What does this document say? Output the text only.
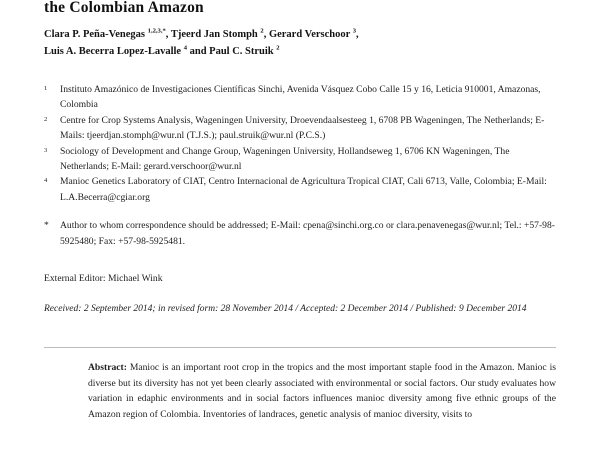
the Colombian Amazon
Clara P. Peña-Venegas $^{1,2,3,*}$, Tjeerd Jan Stomph $^2$, Gerard Verschoor $^3$,
Luis A. Becerra Lopez-Lavalle $^4$ and Paul C. Struik $^2$
1 Instituto Amazónico de Investigaciones Científicas Sinchi, Avenida Vásquez Cobo Calle 15 y 16, Leticia 910001, Amazonas, Colombia
2 Centre for Crop Systems Analysis, Wageningen University, Droevendaalsesteeg 1, 6708 PB Wageningen, The Netherlands; E-Mails: tjeerdjan.stomph@wur.nl (T.J.S.); paul.struik@wur.nl (P.C.S.)
3 Sociology of Development and Change Group, Wageningen University, Hollandseweg 1, 6706 KN Wageningen, The Netherlands; E-Mail: gerard.verschoor@wur.nl
4 Manioc Genetics Laboratory of CIAT, Centro Internacional de Agricultura Tropical CIAT, Cali 6713, Valle, Colombia; E-Mail: L.A.Becerra@cgiar.org
* Author to whom correspondence should be addressed; E-Mail: cpena@sinchi.org.co or clara.penavenegas@wur.nl; Tel.: +57-98-5925480; Fax: +57-98-5925481.
External Editor: Michael Wink
Received: 2 September 2014; in revised form: 28 November 2014 / Accepted: 2 December 2014 / Published: 9 December 2014
Abstract: Manioc is an important root crop in the tropics and the most important staple food in the Amazon. Manioc is diverse but its diversity has not yet been clearly associated with environmental or social factors. Our study evaluates how variation in edaphic environments and in social factors influences manioc diversity among five ethnic groups of the Amazon region of Colombia. Inventories of landraces, genetic analysis of manioc diversity, visits to
